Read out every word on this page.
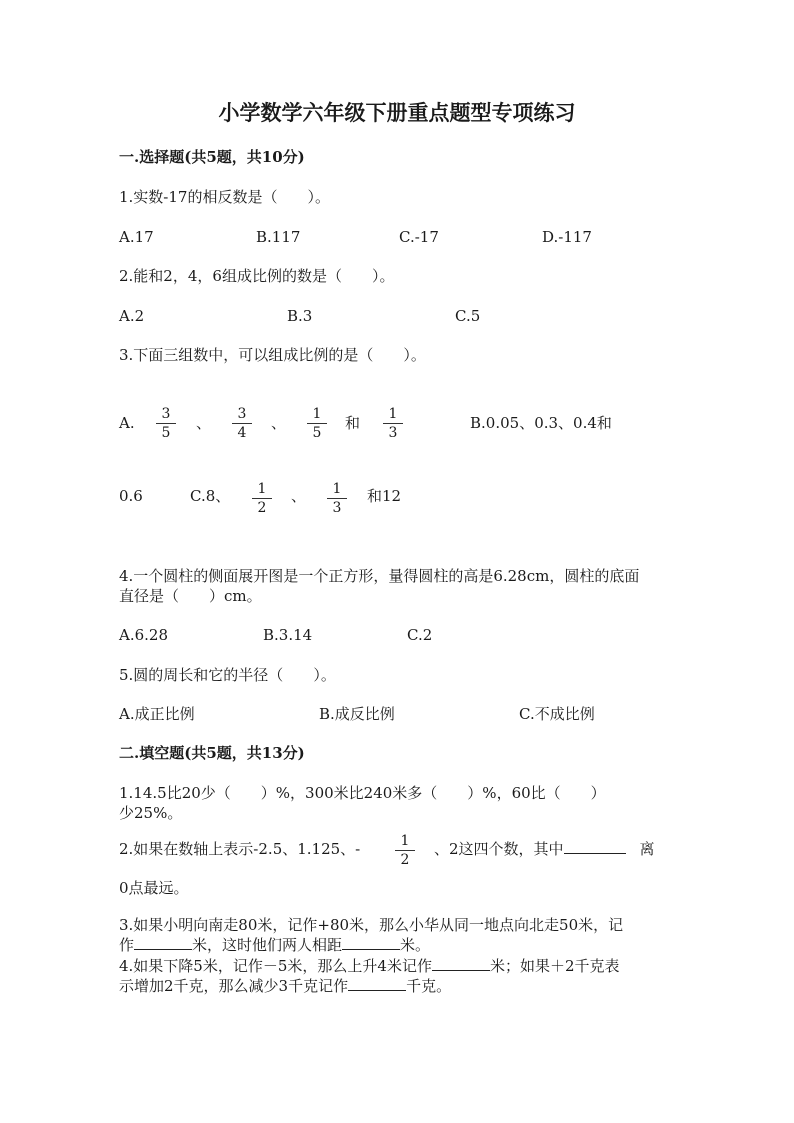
小学数学六年级下册重点题型专项练习
一.选择题(共5题，共10分)
1.实数-17的相反数是（　　）。
A.17	B.117	C.-17	D.-117
2.能和2，4，6组成比例的数是（　　）。
A.2	B.3	C.5
3.下面三组数中，可以组成比例的是（　　）。
A. $\frac{3}{5}$ 、 $\frac{3}{4}$ 、 $\frac{1}{5}$ 和 $\frac{1}{3}$	B.0.05、0.3、0.4和
0.6	C.8、 $\frac{1}{2}$ 、 $\frac{1}{3}$ 和12
4.一个圆柱的侧面展开图是一个正方形，量得圆柱的高是6.28cm，圆柱的底面
直径是（　　）cm。
A.6.28	B.3.14	C.2
5.圆的周长和它的半径（　　）。
A.成正比例	B.成反比例	C.不成比例
二.填空题(共5题，共13分)
1.14.5比20少（　　）%，300米比240米多（　　）%，60比（　　）
少25%。
2.如果在数轴上表示-2.5、1.125、- $\frac{1}{2}$ 、2这四个数，其中	离
0点最远。
3.如果小明向南走80米，记作+80米，那么小华从同一地点向北走50米，记
作	米，这时他们两人相距	米。
4.如果下降5米，记作－5米，那么上升4米记作	米；如果＋2千克表
示增加2千克，那么减少3千克记作	千克。
